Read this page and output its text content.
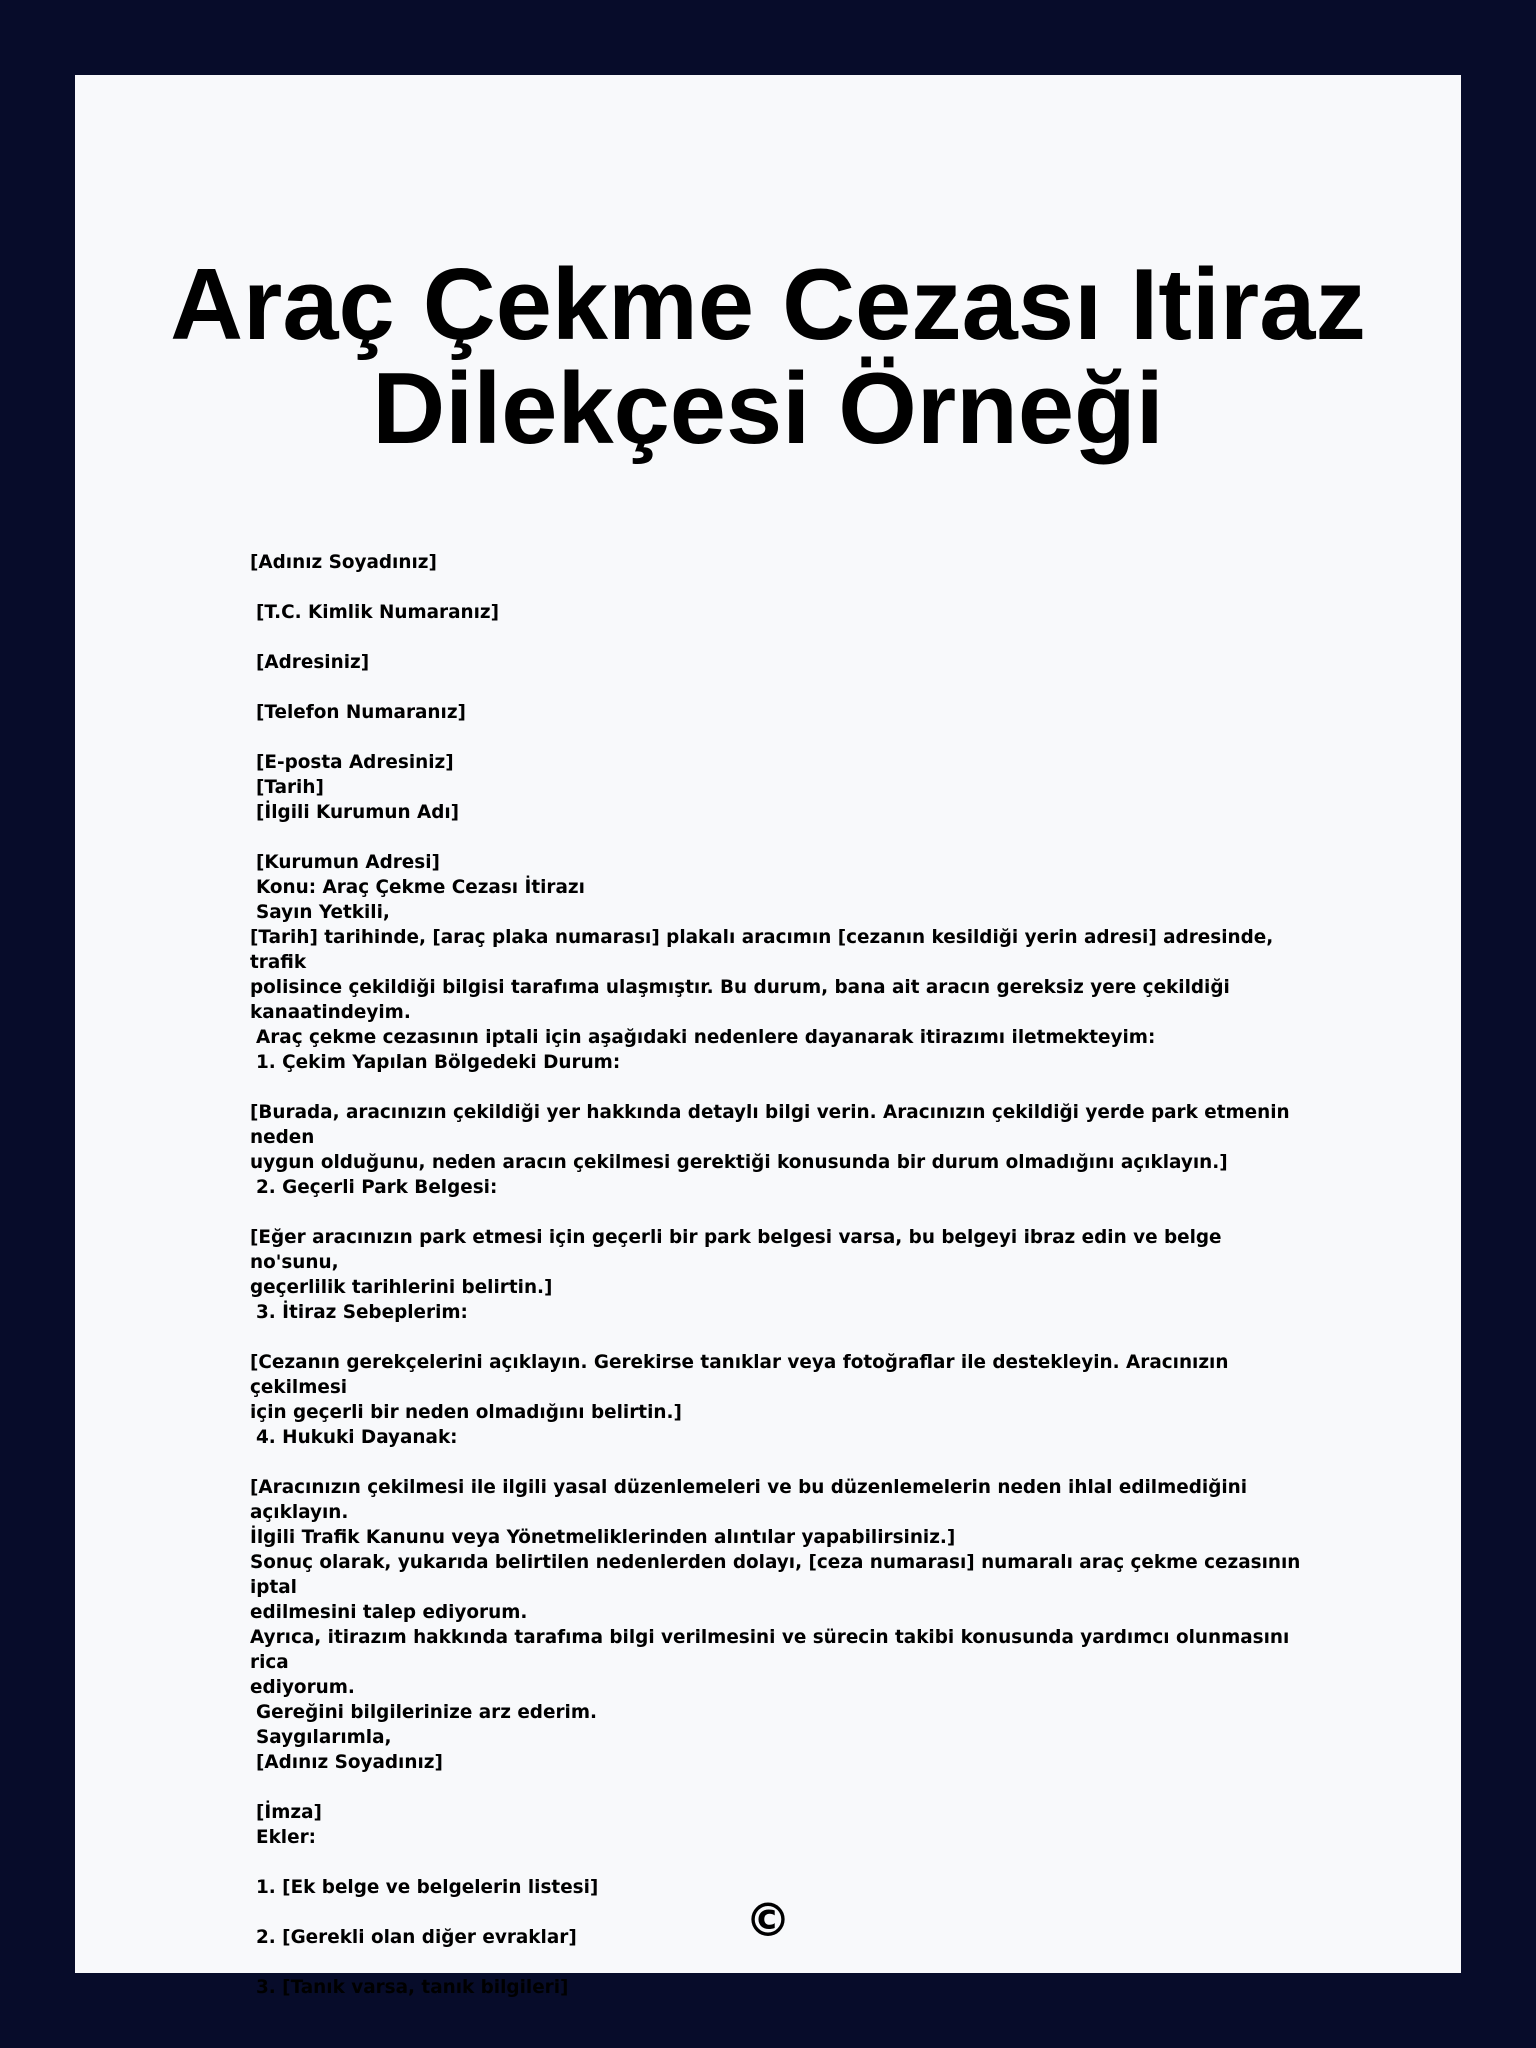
Araç Çekme Cezası Itiraz
Dilekçesi Örneği
[Adınız Soyadınız]
[T.C. Kimlik Numaranız]
[Adresiniz]
[Telefon Numaranız]
[E-posta Adresiniz]
[Tarih]
[İlgili Kurumun Adı]
[Kurumun Adresi]
Konu: Araç Çekme Cezası İtirazı
Sayın Yetkili,
[Tarih] tarihinde, [araç plaka numarası] plakalı aracımın [cezanın kesildiği yerin adresi] adresinde, trafik
polisince çekildiği bilgisi tarafıma ulaşmıştır. Bu durum, bana ait aracın gereksiz yere çekildiği
kanaatindeyim.
Araç çekme cezasının iptali için aşağıdaki nedenlere dayanarak itirazımı iletmekteyim:
1. Çekim Yapılan Bölgedeki Durum:
[Burada, aracınızın çekildiği yer hakkında detaylı bilgi verin. Aracınızın çekildiği yerde park etmenin neden
uygun olduğunu, neden aracın çekilmesi gerektiği konusunda bir durum olmadığını açıklayın.]
2. Geçerli Park Belgesi:
[Eğer aracınızın park etmesi için geçerli bir park belgesi varsa, bu belgeyi ibraz edin ve belge no'sunu,
geçerlilik tarihlerini belirtin.]
3. İtiraz Sebeplerim:
[Cezanın gerekçelerini açıklayın. Gerekirse tanıklar veya fotoğraflar ile destekleyin. Aracınızın çekilmesi
için geçerli bir neden olmadığını belirtin.]
4. Hukuki Dayanak:
[Aracınızın çekilmesi ile ilgili yasal düzenlemeleri ve bu düzenlemelerin neden ihlal edilmediğini açıklayın.
İlgili Trafik Kanunu veya Yönetmeliklerinden alıntılar yapabilirsiniz.]
Sonuç olarak, yukarıda belirtilen nedenlerden dolayı, [ceza numarası] numaralı araç çekme cezasının iptal
edilmesini talep ediyorum.
Ayrıca, itirazım hakkında tarafıma bilgi verilmesini ve sürecin takibi konusunda yardımcı olunmasını rica
ediyorum.
Gereğini bilgilerinize arz ederim.
Saygılarımla,
[Adınız Soyadınız]
[İmza]
Ekler:
1. [Ek belge ve belgelerin listesi]
2. [Gerekli olan diğer evraklar]
3. [Tanık varsa, tanık bilgileri]
©
